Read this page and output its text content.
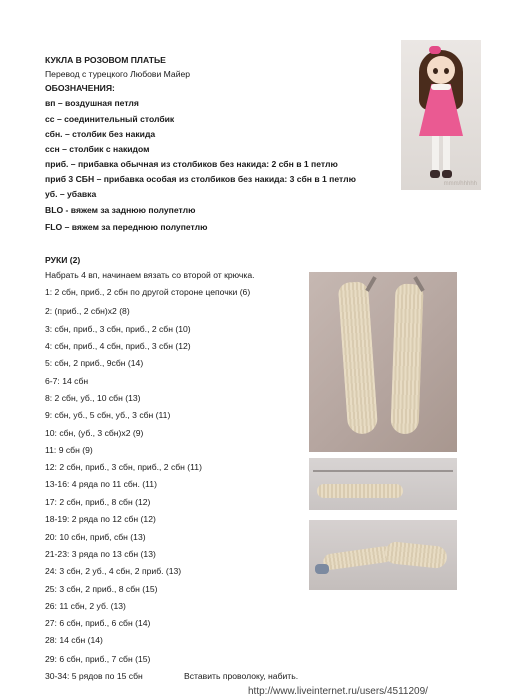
КУКЛА В РОЗОВОМ ПЛАТЬЕ
Перевод с турецкого Любови Майер
ОБОЗНАЧЕНИЯ:
вп – воздушная петля
сс – соединительный столбик
сбн. – столбик без накида
ссн – столбик с накидом
приб. – прибавка обычная из столбиков без накида: 2 сбн в 1 петлю
приб 3 СБН – прибавка особая из столбиков без накида: 3 сбн в 1 петлю
уб. – убавка
BLO - вяжем за заднюю полупетлю
FLO – вяжем за переднюю полупетлю
mmm/hhhhh
РУКИ (2)
Набрать 4 вп, начинаем вязать со второй от крючка.
1: 2 сбн, приб., 2 сбн по другой стороне цепочки (6)
2: (приб., 2 сбн)х2 (8)
3: сбн, приб., 3 сбн, приб., 2 сбн (10)
4: сбн, приб., 4 сбн, приб., 3 сбн (12)
5: сбн, 2 приб., 9сбн (14)
6-7: 14 сбн
8: 2 сбн, уб., 10 сбн (13)
9: сбн, уб., 5 сбн, уб., 3 сбн (11)
10: сбн, (уб., 3 сбн)х2 (9)
11: 9 сбн (9)
12: 2 сбн, приб., 3 сбн, приб., 2 сбн (11)
13-16: 4 ряда по 11 сбн. (11)
17: 2 сбн, приб., 8 сбн (12)
18-19: 2 ряда по 12 сбн (12)
20: 10 сбн, приб, сбн (13)
21-23: 3 ряда по 13 сбн (13)
24: 3 сбн, 2 уб., 4 сбн, 2 приб. (13)
25: 3 сбн, 2 приб., 8 сбн (15)
26: 11 сбн, 2 уб. (13)
27: 6 сбн, приб., 6 сбн (14)
28: 14 сбн (14)
29: 6 сбн, приб., 7 сбн (15)
30-34: 5 рядов по 15 сбн	Вставить проволоку, набить.
http://www.liveinternet.ru/users/4511209/
